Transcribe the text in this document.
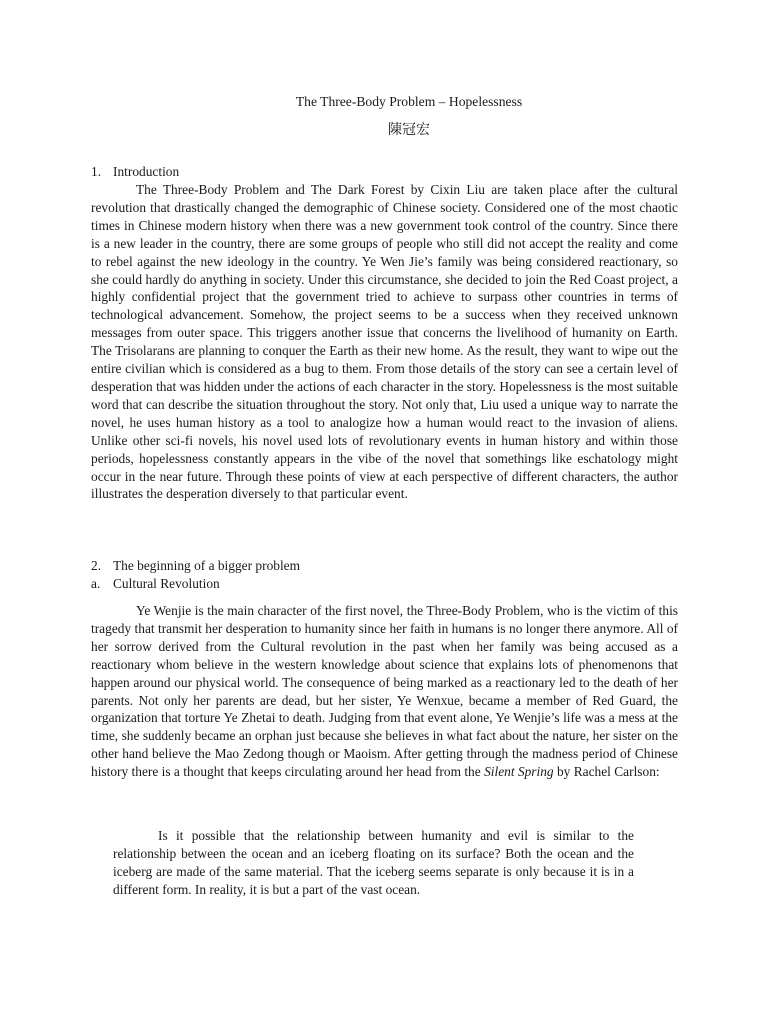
The Three-Body Problem – Hopelessness
陳冠宏
1. Introduction

The Three-Body Problem and The Dark Forest by Cixin Liu are taken place after the cultural revolution that drastically changed the demographic of Chinese society. Considered one of the most chaotic times in Chinese modern history when there was a new government took control of the country. Since there is a new leader in the country, there are some groups of people who still did not accept the reality and come to rebel against the new ideology in the country. Ye Wen Jie’s family was being considered reactionary, so she could hardly do anything in society. Under this circumstance, she decided to join the Red Coast project, a highly confidential project that the government tried to achieve to surpass other countries in terms of technological advancement. Somehow, the project seems to be a success when they received unknown messages from outer space. This triggers another issue that concerns the livelihood of humanity on Earth. The Trisolarans are planning to conquer the Earth as their new home. As the result, they want to wipe out the entire civilian which is considered as a bug to them. From those details of the story can see a certain level of desperation that was hidden under the actions of each character in the story. Hopelessness is the most suitable word that can describe the situation throughout the story. Not only that, Liu used a unique way to narrate the novel, he uses human history as a tool to analogize how a human would react to the invasion of aliens. Unlike other sci-fi novels, his novel used lots of revolutionary events in human history and within those periods, hopelessness constantly appears in the vibe of the novel that somethings like eschatology might occur in the near future. Through these points of view at each perspective of different characters, the author illustrates the desperation diversely to that particular event.

2. The beginning of a bigger problem
a. Cultural Revolution

Ye Wenjie is the main character of the first novel, the Three-Body Problem, who is the victim of this tragedy that transmit her desperation to humanity since her faith in humans is no longer there anymore. All of her sorrow derived from the Cultural revolution in the past when her family was being accused as a reactionary whom believe in the western knowledge about science that explains lots of phenomenons that happen around our physical world. The consequence of being marked as a reactionary led to the death of her parents. Not only her parents are dead, but her sister, Ye Wenxue, became a member of Red Guard, the organization that torture Ye Zhetai to death. Judging from that event alone, Ye Wenjie’s life was a mess at the time, she suddenly became an orphan just because she believes in what fact about the nature, her sister on the other hand believe the Mao Zedong though or Maoism. After getting through the madness period of Chinese history there is a thought that keeps circulating around her head from the Silent Spring by Rachel Carlson:

Is it possible that the relationship between humanity and evil is similar to the relationship between the ocean and an iceberg floating on its surface? Both the ocean and the iceberg are made of the same material. That the iceberg seems separate is only because it is in a different form. In reality, it is but a part of the vast ocean.
